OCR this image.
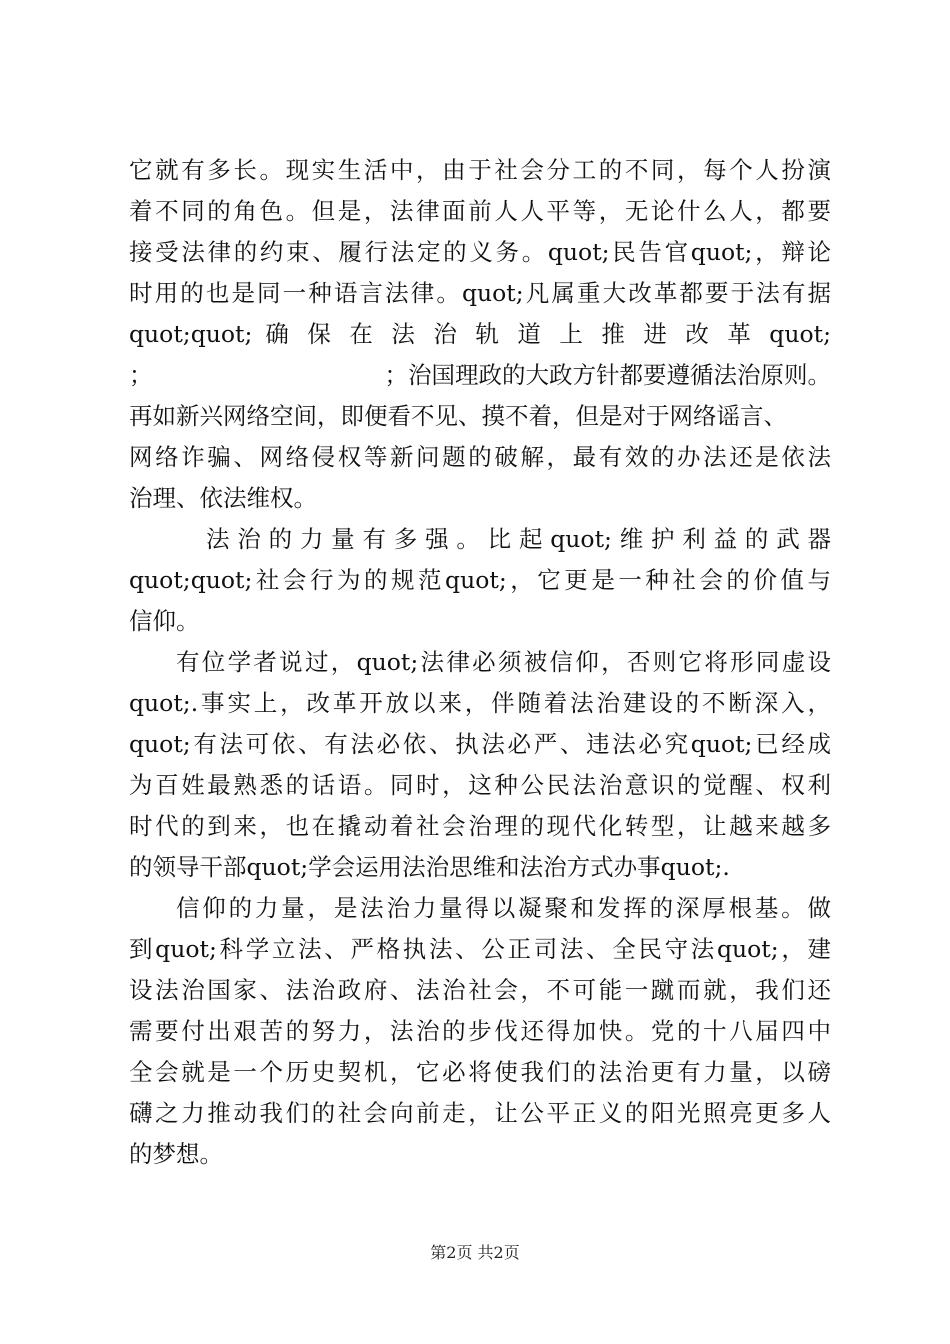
它就有多长。现实生活中，由于社会分工的不同，每个人扮演
着不同的角色。但是，法律面前人人平等，无论什么人，都要
接受法律的约束、履行法定的义务。quot;民告官quot;，辩论
时用的也是同一种语言法律。quot;凡属重大改革都要于法有据
quot;quot; 确 保 在 法 治 轨 道 上 推 进 改 革 quot;
；	；治国理政的大政方针都要遵循法治原则。
再如新兴网络空间，即便看不见、摸不着，但是对于网络谣言、
网络诈骗、网络侵权等新问题的破解，最有效的办法还是依法
治理、依法维权。
法治的力量有多强。比起quot;维护利益的武器
quot;quot;社会行为的规范quot;，它更是一种社会的价值与
信仰。
有位学者说过，quot;法律必须被信仰，否则它将形同虚设
quot;.事实上，改革开放以来，伴随着法治建设的不断深入，
quot;有法可依、有法必依、执法必严、违法必究quot;已经成
为百姓最熟悉的话语。同时，这种公民法治意识的觉醒、权利
时代的到来，也在撬动着社会治理的现代化转型，让越来越多
的领导干部quot;学会运用法治思维和法治方式办事quot;.
信仰的力量，是法治力量得以凝聚和发挥的深厚根基。做
到quot;科学立法、严格执法、公正司法、全民守法quot;，建
设法治国家、法治政府、法治社会，不可能一蹴而就，我们还
需要付出艰苦的努力，法治的步伐还得加快。党的十八届四中
全会就是一个历史契机，它必将使我们的法治更有力量，以磅
礴之力推动我们的社会向前走，让公平正义的阳光照亮更多人
的梦想。
第2页 共2页
